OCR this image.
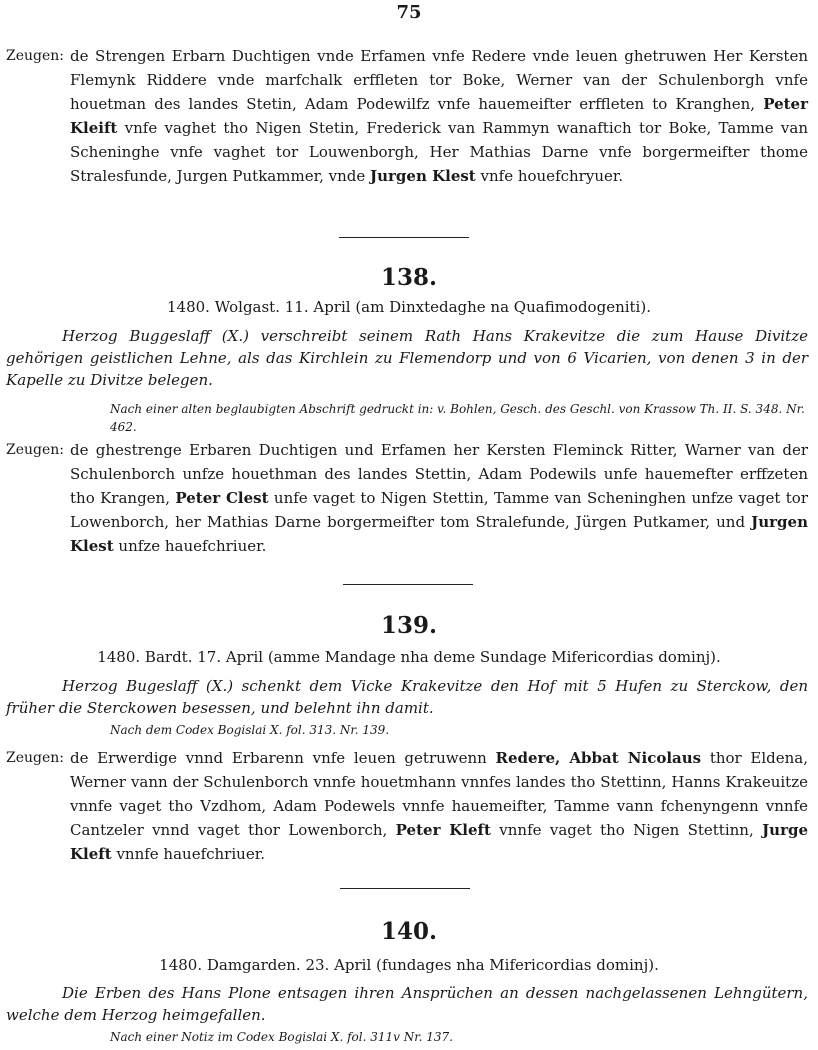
75
Zeugen: de Strengen Erbarn Duchtigen vnde Erfamen vnfe Redere vnde leuen ghetruwen Her Kersten Flemynk Riddere vnde marfchalk erffleten tor Boke, Werner van der Schulenborgh vnfe houetman des landes Stetin, Adam Podewilfz vnfe hauemeifter erffleten to Kranghen, Peter Kleift vnfe vaghet tho Nigen Stetin, Frederick van Rammyn wanaftich tor Boke, Tamme van Scheninghe vnfe vaghet tor Louwenborgh, Her Mathias Darne vnfe borgermeifter thome Stralesfunde, Jurgen Putkammer, vnde Jurgen Klest vnfe houefchryuer.
138.
1480. Wolgast. 11. April (am Dinxtedaghe na Quafimodogeniti).
Herzog Buggeslaff (X.) verschreibt seinem Rath Hans Krakevitze die zum Hause Divitze gehörigen geistlichen Lehne, als das Kirchlein zu Flemendorp und von 6 Vicarien, von denen 3 in der Kapelle zu Divitze belegen.
Nach einer alten beglaubigten Abschrift gedruckt in: v. Bohlen, Gesch. des Geschl. von Krassow Th. II. S. 348. Nr. 462.
Zeugen: de ghestrenge Erbaren Duchtigen und Erfamen her Kersten Fleminck Ritter, Warner van der Schulenborch unfze houethman des landes Stettin, Adam Podewils unfe hauemefter erffzeten tho Krangen, Peter Clest unfe vaget to Nigen Stettin, Tamme van Scheninghen unfze vaget tor Lowenborch, her Mathias Darne borgermeifter tom Stralefunde, Jürgen Putkamer, und Jurgen Klest unfze hauefchriuer.
139.
1480. Bardt. 17. April (amme Mandage nha deme Sundage Mifericordias dominj).
Herzog Bugeslaff (X.) schenkt dem Vicke Krakevitze den Hof mit 5 Hufen zu Sterckow, den früher die Sterckowen besessen, und belehnt ihn damit.
Nach dem Codex Bogislai X. fol. 313. Nr. 139.
Zeugen: de Erwerdige vnnd Erbarenn vnfe leuen getruwenn Redere, Abbat Nicolaus thor Eldena, Werner vann der Schulenborch vnnfe houetmhann vnnfes landes tho Stettinn, Hanns Krakeuitze vnnfe vaget tho Vzdhom, Adam Podewels vnnfe hauemeifter, Tamme vann fchenyngenn vnnfe Cantzeler vnnd vaget thor Lowenborch, Peter Kleft vnnfe vaget tho Nigen Stettinn, Jurge Kleft vnnfe hauefchriuer.
140.
1480. Damgarden. 23. April (fundages nha Mifericordias dominj).
Die Erben des Hans Plone entsagen ihren Ansprüchen an dessen nachgelassenen Lehngütern, welche dem Herzog heimgefallen.
Nach einer Notiz im Codex Bogislai X. fol. 311v Nr. 137.
